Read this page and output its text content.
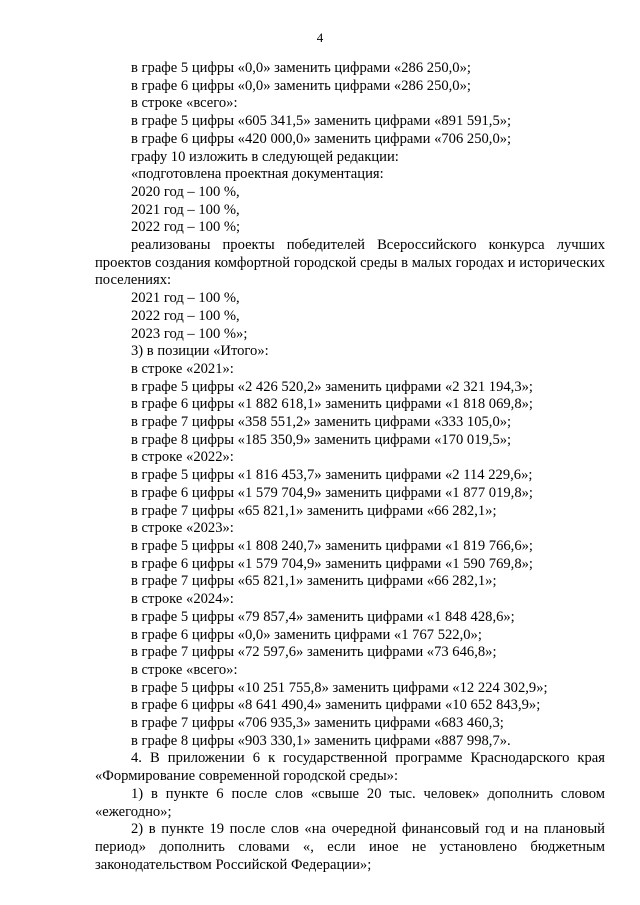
4
в графе 5 цифры «0,0» заменить цифрами «286 250,0»;
в графе 6 цифры «0,0» заменить цифрами «286 250,0»;
в строке «всего»:
в графе 5 цифры «605 341,5» заменить цифрами «891 591,5»;
в графе 6 цифры «420 000,0» заменить цифрами «706 250,0»;
графу 10 изложить в следующей редакции:
«подготовлена проектная документация:
2020 год – 100 %,
2021 год – 100 %,
2022 год – 100 %;
реализованы проекты победителей Всероссийского конкурса лучших проектов создания комфортной городской среды в малых городах и исторических поселениях:
2021 год – 100 %,
2022 год – 100 %,
2023 год – 100 %»;
3) в позиции «Итого»:
в строке «2021»:
в графе 5 цифры «2 426 520,2» заменить цифрами «2 321 194,3»;
в графе 6 цифры «1 882 618,1» заменить цифрами «1 818 069,8»;
в графе 7 цифры «358 551,2» заменить цифрами «333 105,0»;
в графе 8 цифры «185 350,9» заменить цифрами «170 019,5»;
в строке «2022»:
в графе 5 цифры «1 816 453,7» заменить цифрами «2 114 229,6»;
в графе 6 цифры «1 579 704,9» заменить цифрами «1 877 019,8»;
в графе 7 цифры «65 821,1» заменить цифрами «66 282,1»;
в строке «2023»:
в графе 5 цифры «1 808 240,7» заменить цифрами «1 819 766,6»;
в графе 6 цифры «1 579 704,9» заменить цифрами «1 590 769,8»;
в графе 7 цифры «65 821,1» заменить цифрами «66 282,1»;
в строке «2024»:
в графе 5 цифры «79 857,4» заменить цифрами «1 848 428,6»;
в графе 6 цифры «0,0» заменить цифрами «1 767 522,0»;
в графе 7 цифры «72 597,6» заменить цифрами «73 646,8»;
в строке «всего»:
в графе 5 цифры «10 251 755,8» заменить цифрами «12 224 302,9»;
в графе 6 цифры «8 641 490,4» заменить цифрами «10 652 843,9»;
в графе 7 цифры «706 935,3» заменить цифрами «683 460,3;
в графе 8 цифры «903 330,1» заменить цифрами «887 998,7».
4. В приложении 6 к государственной программе Краснодарского края «Формирование современной городской среды»:
1) в пункте 6 после слов «свыше 20 тыс. человек» дополнить словом «ежегодно»;
2) в пункте 19 после слов «на очередной финансовый год и на плановый период» дополнить словами «, если иное не установлено бюджетным законодательством Российской Федерации»;
